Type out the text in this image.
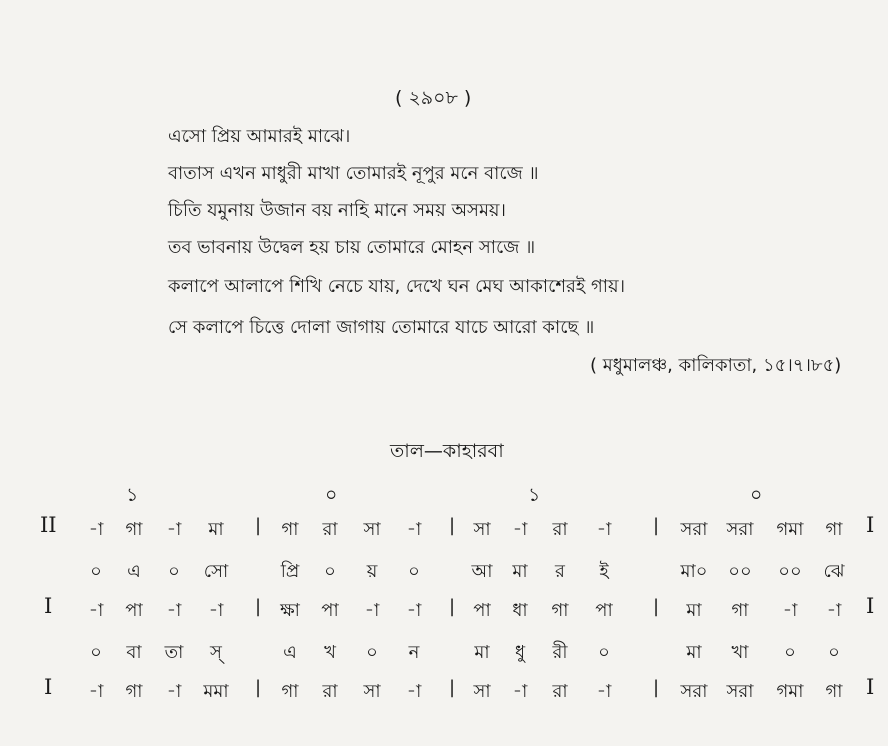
( ২৯০৮ )
এসো প্রিয় আমারই মাঝে।
বাতাস এখন মাধুরী মাখা তোমারই নূপুর মনে বাজে ॥
চিতি যমুনায় উজান বয় নাহি মানে সময় অসময়।
তব ভাবনায় উদ্বেল হয় চায় তোমারে মোহন সাজে ॥
কলাপে আলাপে শিখি নেচে যায়, দেখে ঘন মেঘ আকাশেরই গায়।
সে কলাপে চিত্তে দোলা জাগায় তোমারে যাচে আরো কাছে ॥
( মধুমালঞ্চ, কালিকাতা, ১৫।৭।৮৫)
তাল—কাহারবা
১	০	১	০
II	-া	গা	-া	মা	|	গা	রা	সা	-া	|	সা	-া	রা	-া	|	সরা	সরা	গমা	গা	I
০	এ	০	সো	প্রি	০	য়	০	আ	মা	র	ই	মা০	০০	০০	ঝে
I	-া	পা	-া	-া	|	ক্ষা	পা	-া	-া	|	পা	ধা	গা	পা	|	মা	গা	-া	-া	I
০	বা	তা	স্	এ	খ	০	ন	মা	ধু	রী	০	মা	খা	০	০
I	-া	গা	-া	মমা	|	গা	রা	সা	-া	|	সা	-া	রা	-া	|	সরা	সরা	গমা	গা	I
